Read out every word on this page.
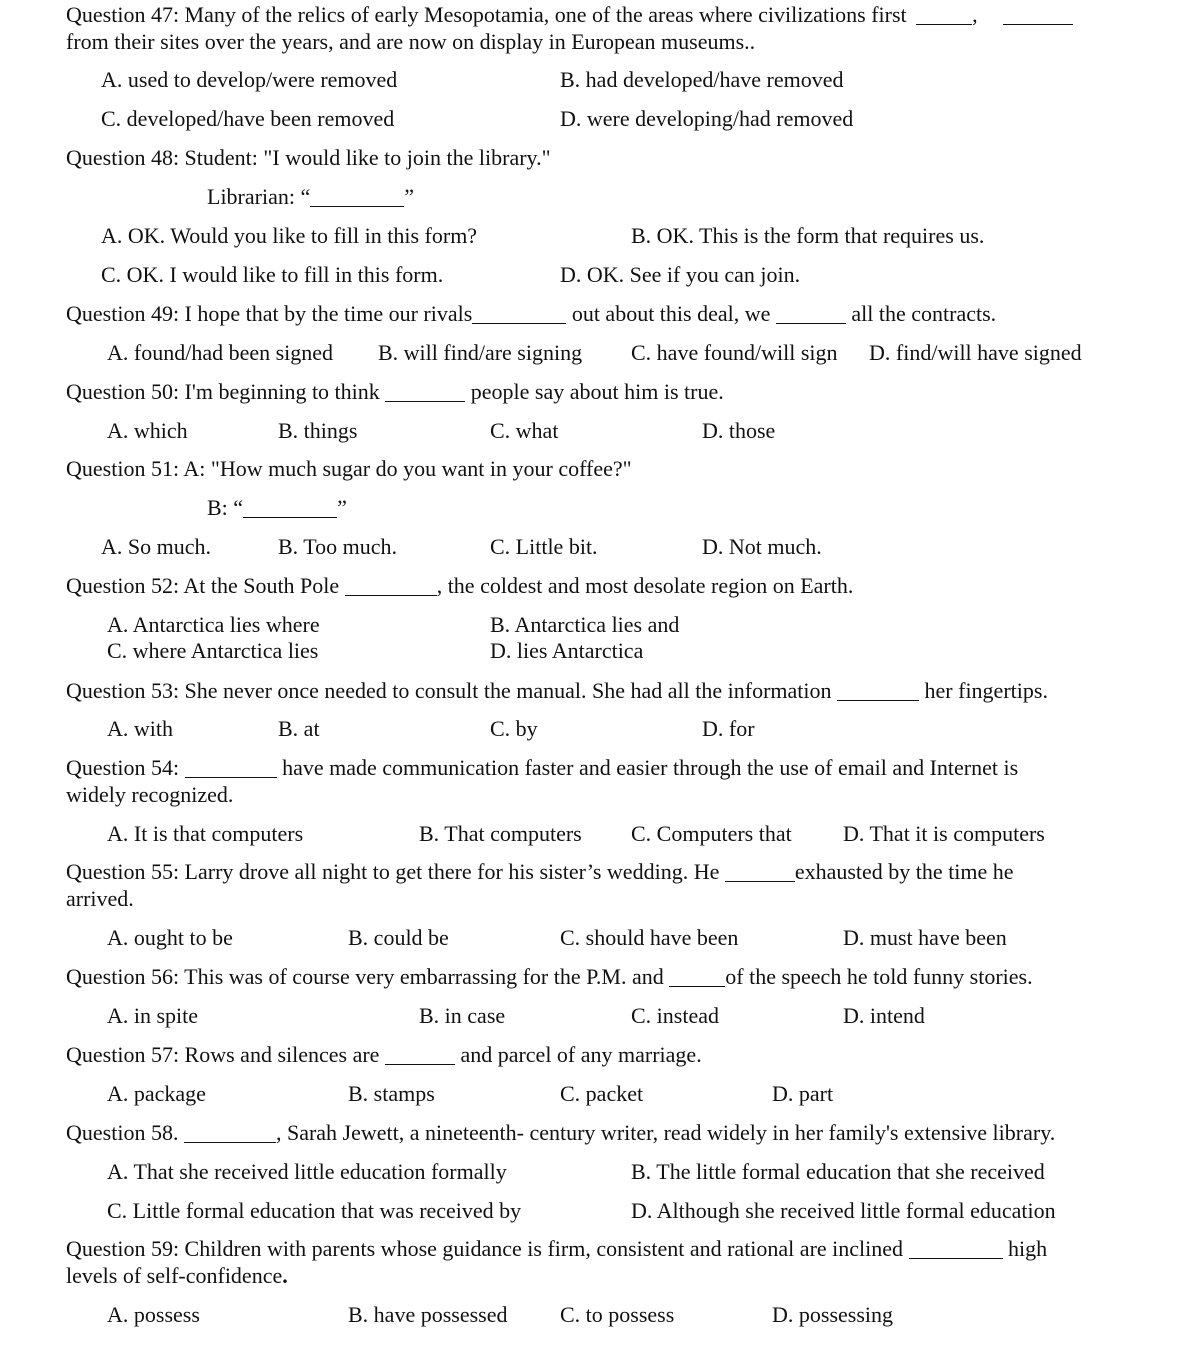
Question 47: Many of the relics of early Mesopotamia, one of the areas where civilizations first	,
from their sites over the years, and are now on display in European museums..
A. used to develop/were removed	B. had developed/have removed
C. developed/have been removed	D. were developing/had removed
Question 48: Student: "I would like to join the library."
Librarian: “	”
A. OK. Would you like to fill in this form?	B. OK. This is the form that requires us.
C. OK. I would like to fill in this form.	D. OK. See if you can join.
Question 49: I hope that by the time our rivals	out about this deal, we	all the contracts.
A. found/had been signed B. will find/are signing C. have found/will sign D. find/will have signed
Question 50: I'm beginning to think	people say about him is true.
A. which	B. things	C. what	D. those
Question 51: A: "How much sugar do you want in your coffee?"
B: “	”
A. So much.	B. Too much.	C. Little bit.	D. Not much.
Question 52: At the South Pole	, the coldest and most desolate region on Earth.
A. Antarctica lies where	B. Antarctica lies and
C. where Antarctica lies	D. lies Antarctica
Question 53: She never once needed to consult the manual. She had all the information	her fingertips.
A. with	B. at	C. by	D. for
Question 54:	have made communication faster and easier through the use of email and Internet is
widely recognized.
A. It is that computers	B. That computers C. Computers that D. That it is computers
Question 55: Larry drove all night to get there for his sister’s wedding. He	exhausted by the time he
arrived.
A. ought to be	B. could be	C. should have been	D. must have been
Question 56: This was of course very embarrassing for the P.M. and	of the speech he told funny stories.
A. in spite	B. in case	C. instead	D. intend
Question 57: Rows and silences are	and parcel of any marriage.
A. package	B. stamps	C. packet	D. part
Question 58.	, Sarah Jewett, a nineteenth- century writer, read widely in her family's extensive library.
A. That she received little education formally	B. The little formal education that she received
C. Little formal education that was received by	D. Although she received little formal education
Question 59: Children with parents whose guidance is firm, consistent and rational are inclined	high
levels of self-confidence.
A. possess	B. have possessed C. to possess	D. possessing
